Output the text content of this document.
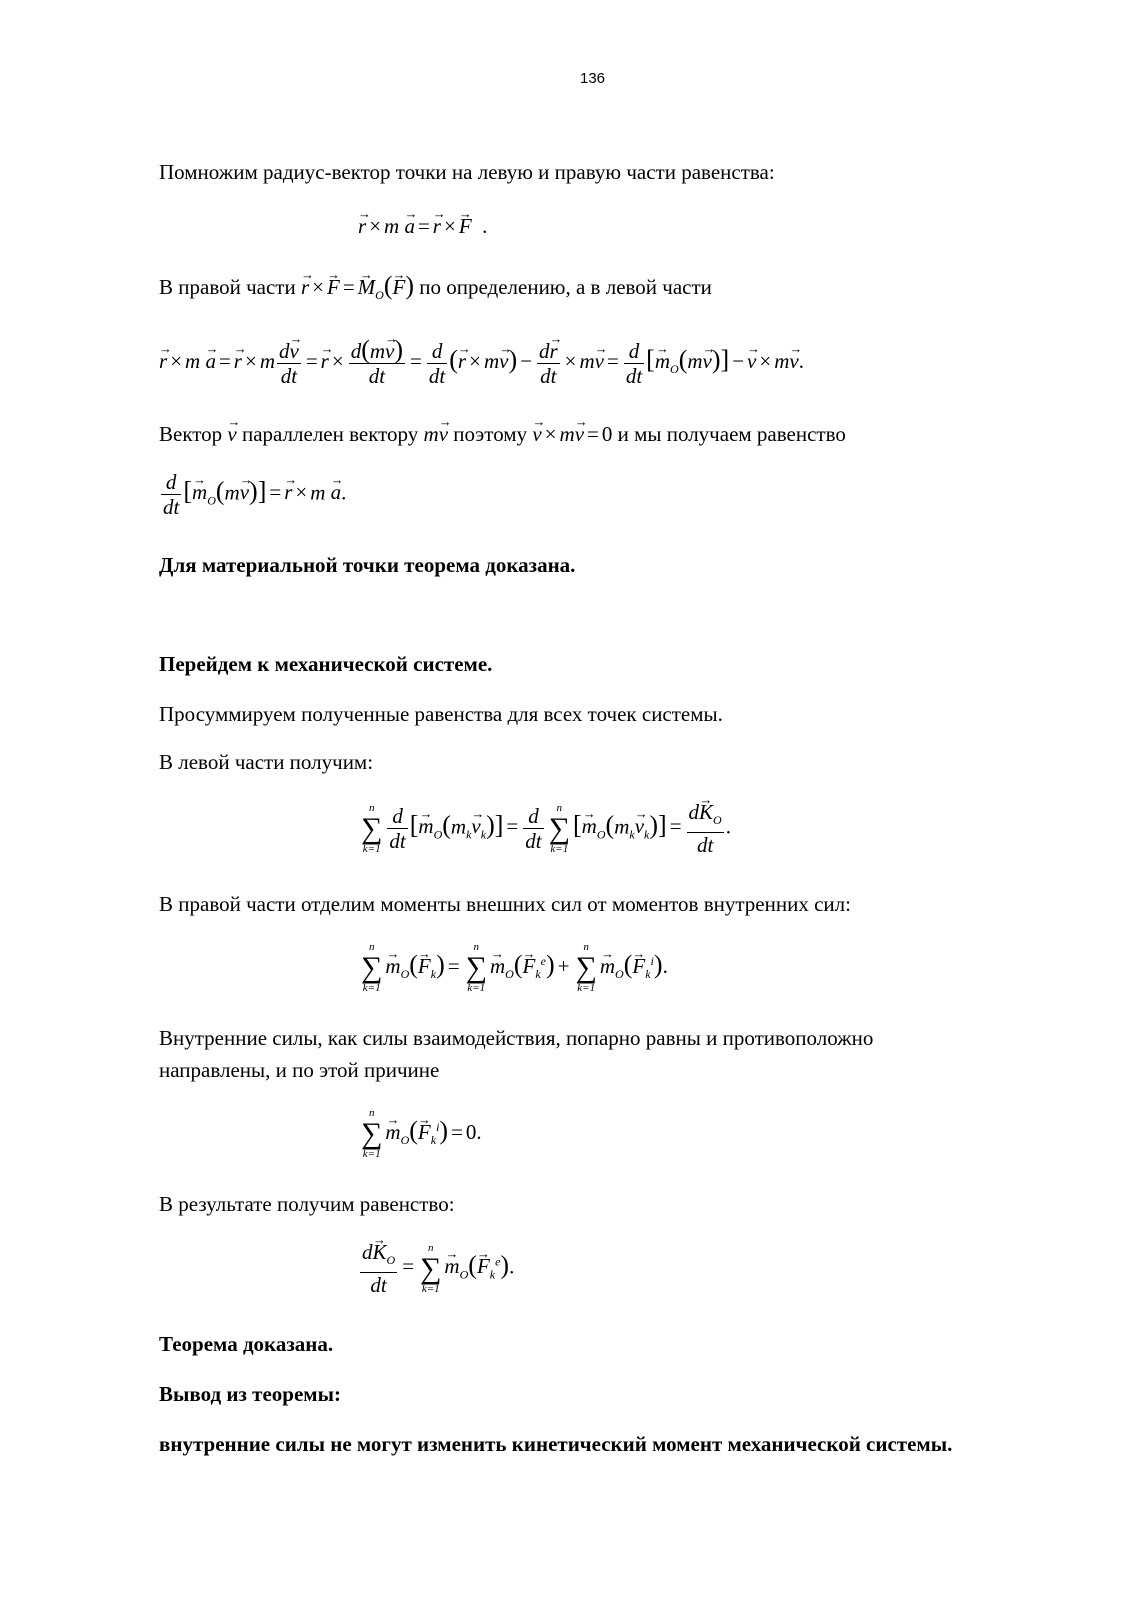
136
Помножим радиус-вектор точки на левую и правую части равенства:
→ r × m → a =→ r ×→ F  .
В правой части → $r \times\to F =\to M_O(\to F)$ по определению, а в левой части
→ r × m → a =→ r × m $\frac{d\to v}{dt} =\to r \times \frac{d(m\to v)}{dt} = \frac{d}{dt}$ (→ $r \times m\to v) - \frac{d\to r}{dt} \times m\to v = \frac{d}{dt}$ [→ $m_O(m\to v)] -\to v \times m\to v$.
Вектор → v параллелен вектору m→ v поэтому → v × m→ v = 0 и мы получаем равенство
$\frac{d}{dt}$ [→ $m_O(m\to v)] =\to r \times m \to a$.
Для материальной точки теорема доказана.
Перейдем к механической системе.
Просуммируем полученные равенства для всех точек системы.
В левой части получим:
n
∑
$k=1 \frac{d}{dt}$ [→ $m_O(m_k\to v_k)] = \frac{d}{dt}$	n
∑
k=1
[→ $m_O(m_k\to v_k)] = \frac{d\to K_O}{dt}$ .
В правой части отделим моменты внешних сил от моментов внутренних сил:
n
∑
k=1
→ $m_O(\to F_k)$ =
n
∑
k=1
→ $m_O(\to F_k^e)$ +
n
∑
k=1
→ $m_O(\to F_k^i)$.
Внутренние силы, как силы взаимодействия, попарно равны и противоположно
направлены, и по этой причине
n
∑
k=1
→ $m_O(\to F_k^i) = 0$.
В результате получим равенство:
$\frac{d\to K_O}{dt}$ =
n
∑
k=1
→ $m_O(\to F_k^e)$.
Теорема доказана.
Вывод из теоремы:
внутренние силы не могут изменить кинетический момент механической системы.
